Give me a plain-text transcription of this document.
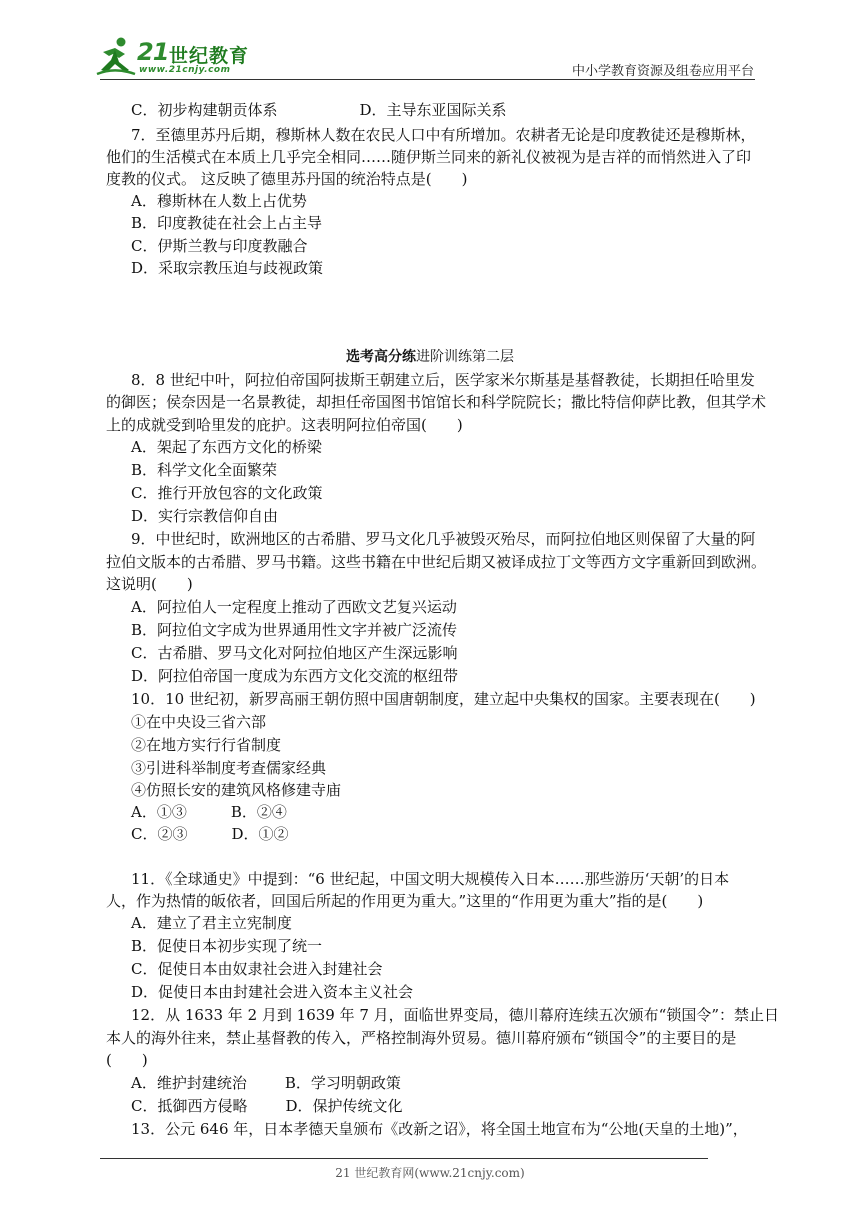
21 世纪教育
www.21cnjy.com	中小学教育资源及组卷应用平台
C．初步构建朝贡体系	D．主导东亚国际关系
7．至德里苏丹后期，穆斯林人数在农民人口中有所增加。农耕者无论是印度教徒还是穆斯林，
他们的生活模式在本质上几乎完全相同……随伊斯兰同来的新礼仪被视为是吉祥的而悄然进入了印
度教的仪式。 这反映了德里苏丹国的统治特点是(　　)
A．穆斯林在人数上占优势
B．印度教徒在社会上占主导
C．伊斯兰教与印度教融合
D．采取宗教压迫与歧视政策
选考高分练进阶训练第二层
8．8 世纪中叶，阿拉伯帝国阿拔斯王朝建立后，医学家米尔斯基是基督教徒，长期担任哈里发
的御医；侯奈因是一名景教徒，却担任帝国图书馆馆长和科学院院长；撒比特信仰萨比教，但其学术
上的成就受到哈里发的庇护。这表明阿拉伯帝国(　　)
A．架起了东西方文化的桥梁
B．科学文化全面繁荣
C．推行开放包容的文化政策
D．实行宗教信仰自由
9．中世纪时，欧洲地区的古希腊、罗马文化几乎被毁灭殆尽，而阿拉伯地区则保留了大量的阿
拉伯文版本的古希腊、罗马书籍。这些书籍在中世纪后期又被译成拉丁文等西方文字重新回到欧洲。
这说明(　　)
A．阿拉伯人一定程度上推动了西欧文艺复兴运动
B．阿拉伯文字成为世界通用性文字并被广泛流传
C．古希腊、罗马文化对阿拉伯地区产生深远影响
D．阿拉伯帝国一度成为东西方文化交流的枢纽带
10．10 世纪初，新罗高丽王朝仿照中国唐朝制度，建立起中央集权的国家。主要表现在(　　)
①在中央设三省六部
②在地方实行行省制度
③引进科举制度考查儒家经典
④仿照长安的建筑风格修建寺庙
A．①③	B．②④
C．②③	D．①②
11．《全球通史》中提到：“6 世纪起，中国文明大规模传入日本……那些游历‘天朝’的日本
人，作为热情的皈依者，回国后所起的作用更为重大。”这里的“作用更为重大”指的是(　　)
A．建立了君主立宪制度
B．促使日本初步实现了统一
C．促使日本由奴隶社会进入封建社会
D．促使日本由封建社会进入资本主义社会
12．从 1633 年 2 月到 1639 年 7 月，面临世界变局，德川幕府连续五次颁布“锁国令”：禁止日
本人的海外往来，禁止基督教的传入，严格控制海外贸易。德川幕府颁布“锁国令”的主要目的是
(　　)
A．维护封建统治	B．学习明朝政策
C．抵御西方侵略	D．保护传统文化
13．公元 646 年，日本孝德天皇颁布《改新之诏》，将全国土地宣布为“公地(天皇的土地)”，
21 世纪教育网(www.21cnjy.com)
